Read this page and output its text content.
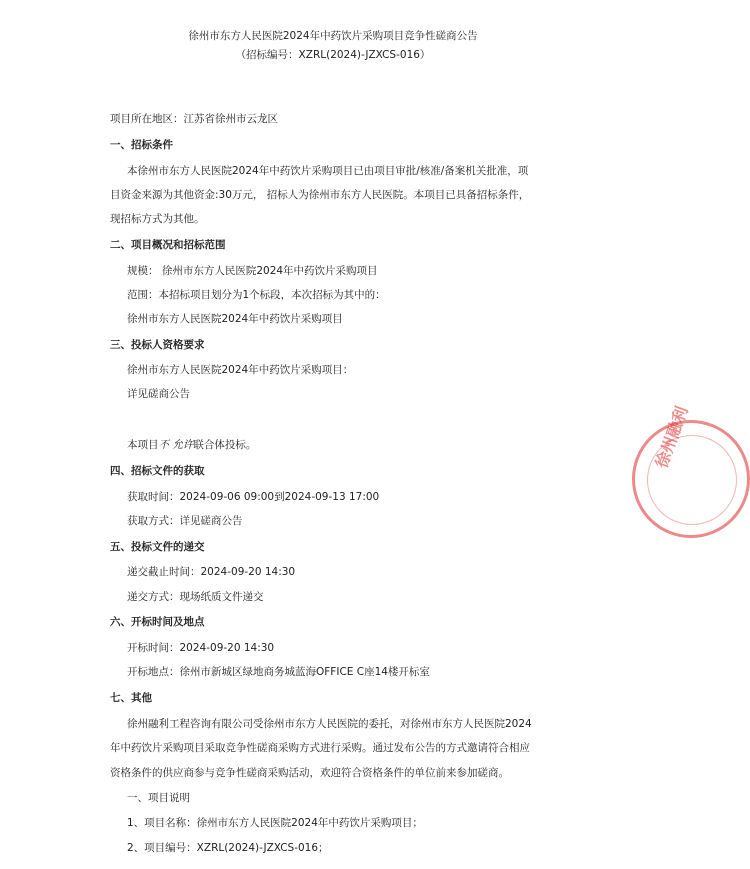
徐州市东方人民医院2024年中药饮片采购项目竞争性磋商公告
（招标编号：XZRL(2024)-JZXCS-016）
项目所在地区：江苏省徐州市云龙区
一、招标条件
本徐州市东方人民医院2024年中药饮片采购项目已由项目审批/核准/备案机关批准，项
目资金来源为其他资金:30万元， 招标人为徐州市东方人民医院。本项目已具备招标条件，
现招标方式为其他。
二、项目概况和招标范围
规模： 徐州市东方人民医院2024年中药饮片采购项目
范围：本招标项目划分为1个标段，本次招标为其中的：
徐州市东方人民医院2024年中药饮片采购项目
三、投标人资格要求
徐州市东方人民医院2024年中药饮片采购项目：
详见磋商公告
本项目不 允许联合体投标。
四、招标文件的获取
获取时间：2024-09-06 09:00到2024-09-13 17:00
获取方式：详见磋商公告
五、投标文件的递交
递交截止时间：2024-09-20 14:30
递交方式：现场纸质文件递交
六、开标时间及地点
开标时间：2024-09-20 14:30
开标地点：徐州市新城区绿地商务城蓝海OFFICE C座14楼开标室
七、其他
徐州融利工程咨询有限公司受徐州市东方人民医院的委托，对徐州市东方人民医院2024
年中药饮片采购项目采取竞争性磋商采购方式进行采购。通过发布公告的方式邀请符合相应
资格条件的供应商参与竞争性磋商采购活动，欢迎符合资格条件的单位前来参加磋商。
一、项目说明
1、项目名称：徐州市东方人民医院2024年中药饮片采购项目；
2、项目编号：XZRL(2024)-JZXCS-016；
徐州融利
